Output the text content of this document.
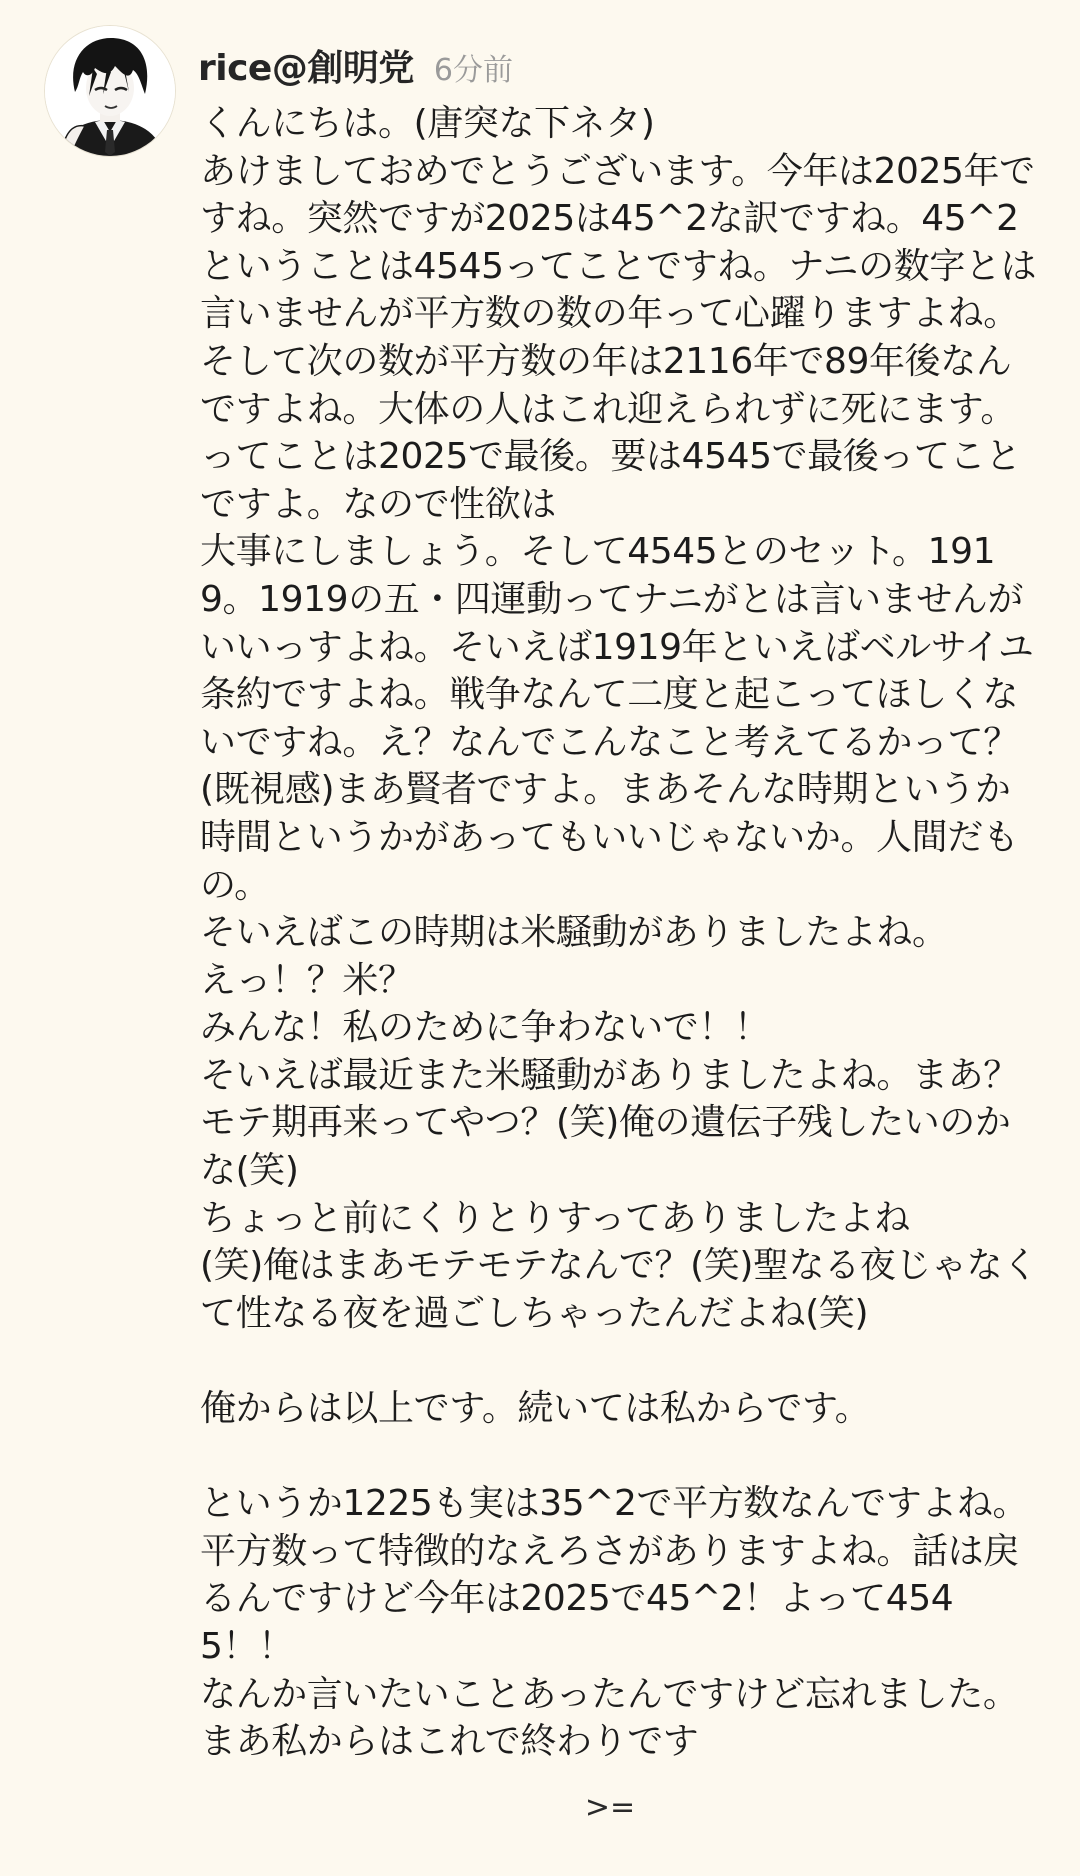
rice@創明党 6分前
くんにちは。(唐突な下ネタ)
あけましておめでとうございます。今年は2025年ですね。突然ですが2025は45^2な訳ですね。45^2ということは4545ってことですね。ナニの数字とは言いませんが平方数の数の年って心躍りますよね。そして次の数が平方数の年は2116年で89年後なんですよね。大体の人はこれ迎えられずに死にます。ってことは2025で最後。要は4545で最後ってことですよ。なので性欲は
大事にしましょう。そして4545とのセット。1919。1919の五・四運動ってナニがとは言いませんがいいっすよね。そいえば1919年といえばベルサイユ条約ですよね。戦争なんて二度と起こってほしくないですね。え？なんでこんなこと考えてるかって？(既視感)まあ賢者ですよ。まあそんな時期というか時間というかがあってもいいじゃないか。人間だもの。
そいえばこの時期は米騒動がありましたよね。
えっ！？米？
みんな！私のために争わないで！！
そいえば最近また米騒動がありましたよね。まあ？モテ期再来ってやつ？(笑)俺の遺伝子残したいのかな(笑)
ちょっと前にくりとりすってありましたよね
(笑)俺はまあモテモテなんで？(笑)聖なる夜じゃなくて性なる夜を過ごしちゃったんだよね(笑)

俺からは以上です。続いては私からです。

というか1225も実は35^2で平方数なんですよね。平方数って特徴的なえろさがありますよね。話は戻るんですけど今年は2025で45^2！よって4545！！
なんか言いたいことあったんですけど忘れました。
まあ私からはこれで終わりです
>=
